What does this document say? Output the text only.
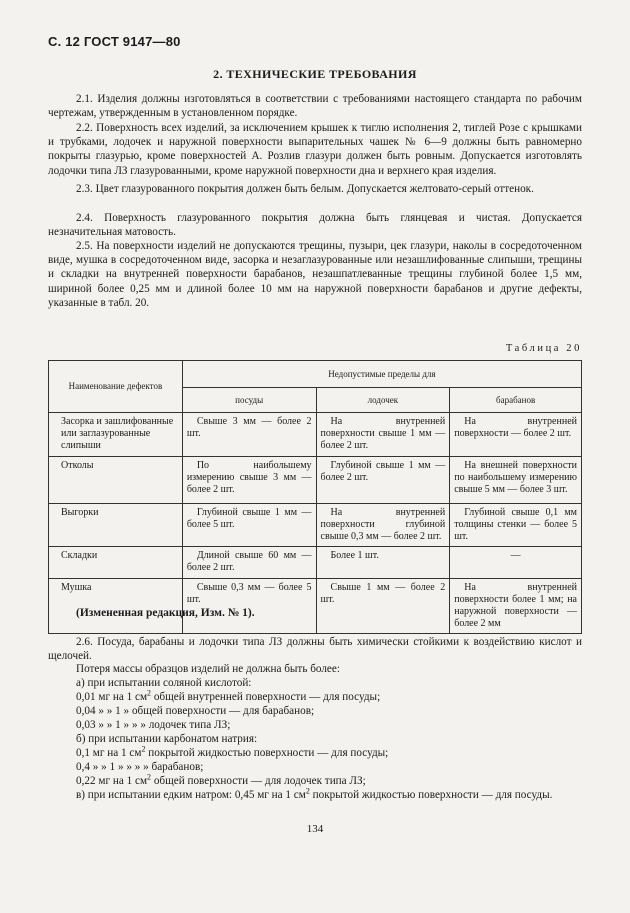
С. 12 ГОСТ 9147—80
2. ТЕХНИЧЕСКИЕ ТРЕБОВАНИЯ

2.1. Изделия должны изготовляться в соответствии с требованиями настоящего стандарта по рабочим чертежам, утвержденным в установленном порядке.

2.2. Поверхность всех изделий, за исключением крышек к тиглю исполнения 2, тиглей Розе с крышками и трубками, лодочек и наружной поверхности выпарительных чашек № 6—9 должны быть равномерно покрыты глазурью, кроме поверхностей А. Розлив глазури должен быть ровным. Допускается изготовлять лодочки типа ЛЗ глазурованными, кроме наружной поверхности дна и верхнего края изделия.

2.3. Цвет глазурованного покрытия должен быть белым. Допускается желтовато-серый оттенок.

2.4. Поверхность глазурованного покрытия должна быть глянцевая и чистая. Допускается незначительная матовость.

2.5. На поверхности изделий не допускаются трещины, пузыри, цек глазури, наколы в сосредоточенном виде, мушка в сосредоточенном виде, засорка и незаглазурованные или незашлифованные слипыши, трещины и складки на внутренней поверхности барабанов, незашпатлеванные трещины глубиной более 1,5 мм, шириной более 0,25 мм и длиной более 10 мм на наружной поверхности барабанов и другие дефекты, указанные в табл. 20.

Таблица 20
Наименование дефектов	Недопустимые пределы для		
	посуды	лодочек	барабанов
Засорка и зашлифованные или заглазурованные слипыши	Свыше 3 мм — более 2 шт.	На внутренней поверхности свыше 1 мм — более 2 шт.	На внутренней поверхности — более 2 шт.
Отколы	По наибольшему измерению свыше 3 мм — более 2 шт.	Глубиной свыше 1 мм — более 2 шт.	На внешней поверхности по наибольшему измерению свыше 5 мм — более 3 шт.
Выгорки	Глубиной свыше 1 мм — более 5 шт.	На внутренней поверхности глубиной свыше 0,3 мм — более 2 шт.	Глубиной свыше 0,1 мм толщины стенки — более 5 шт.
Складки	Длиной свыше 60 мм — более 2 шт.	Более 1 шт.	—
Мушка	Свыше 0,3 мм — более 5 шт.	Свыше 1 мм — более 2 шт.	На внутренней поверхности более 1 мм; на наружной поверхности — более 2 мм
(Измененная редакция, Изм. № 1).

2.6. Посуда, барабаны и лодочки типа ЛЗ должны быть химически стойкими к воздействию кислот и щелочей.

Потеря массы образцов изделий не должна быть более:
а) при испытании соляной кислотой:
0,01 мг на 1 $см^2$ общей внутренней поверхности — для посуды;
0,04 » » 1 » общей поверхности — для барабанов;
0,03 » » 1 » » » лодочек типа ЛЗ;
б) при испытании карбонатом натрия:
0,1 мг на 1 $см^2$ покрытой жидкостью поверхности — для посуды;
0,4 » » 1 » » » » барабанов;
0,22 мг на 1 $см^2$ общей поверхности — для лодочек типа ЛЗ;

в) при испытании едким натром: 0,45 мг на 1 $см^2$ покрытой жидкостью поверхности — для посуды.

134
